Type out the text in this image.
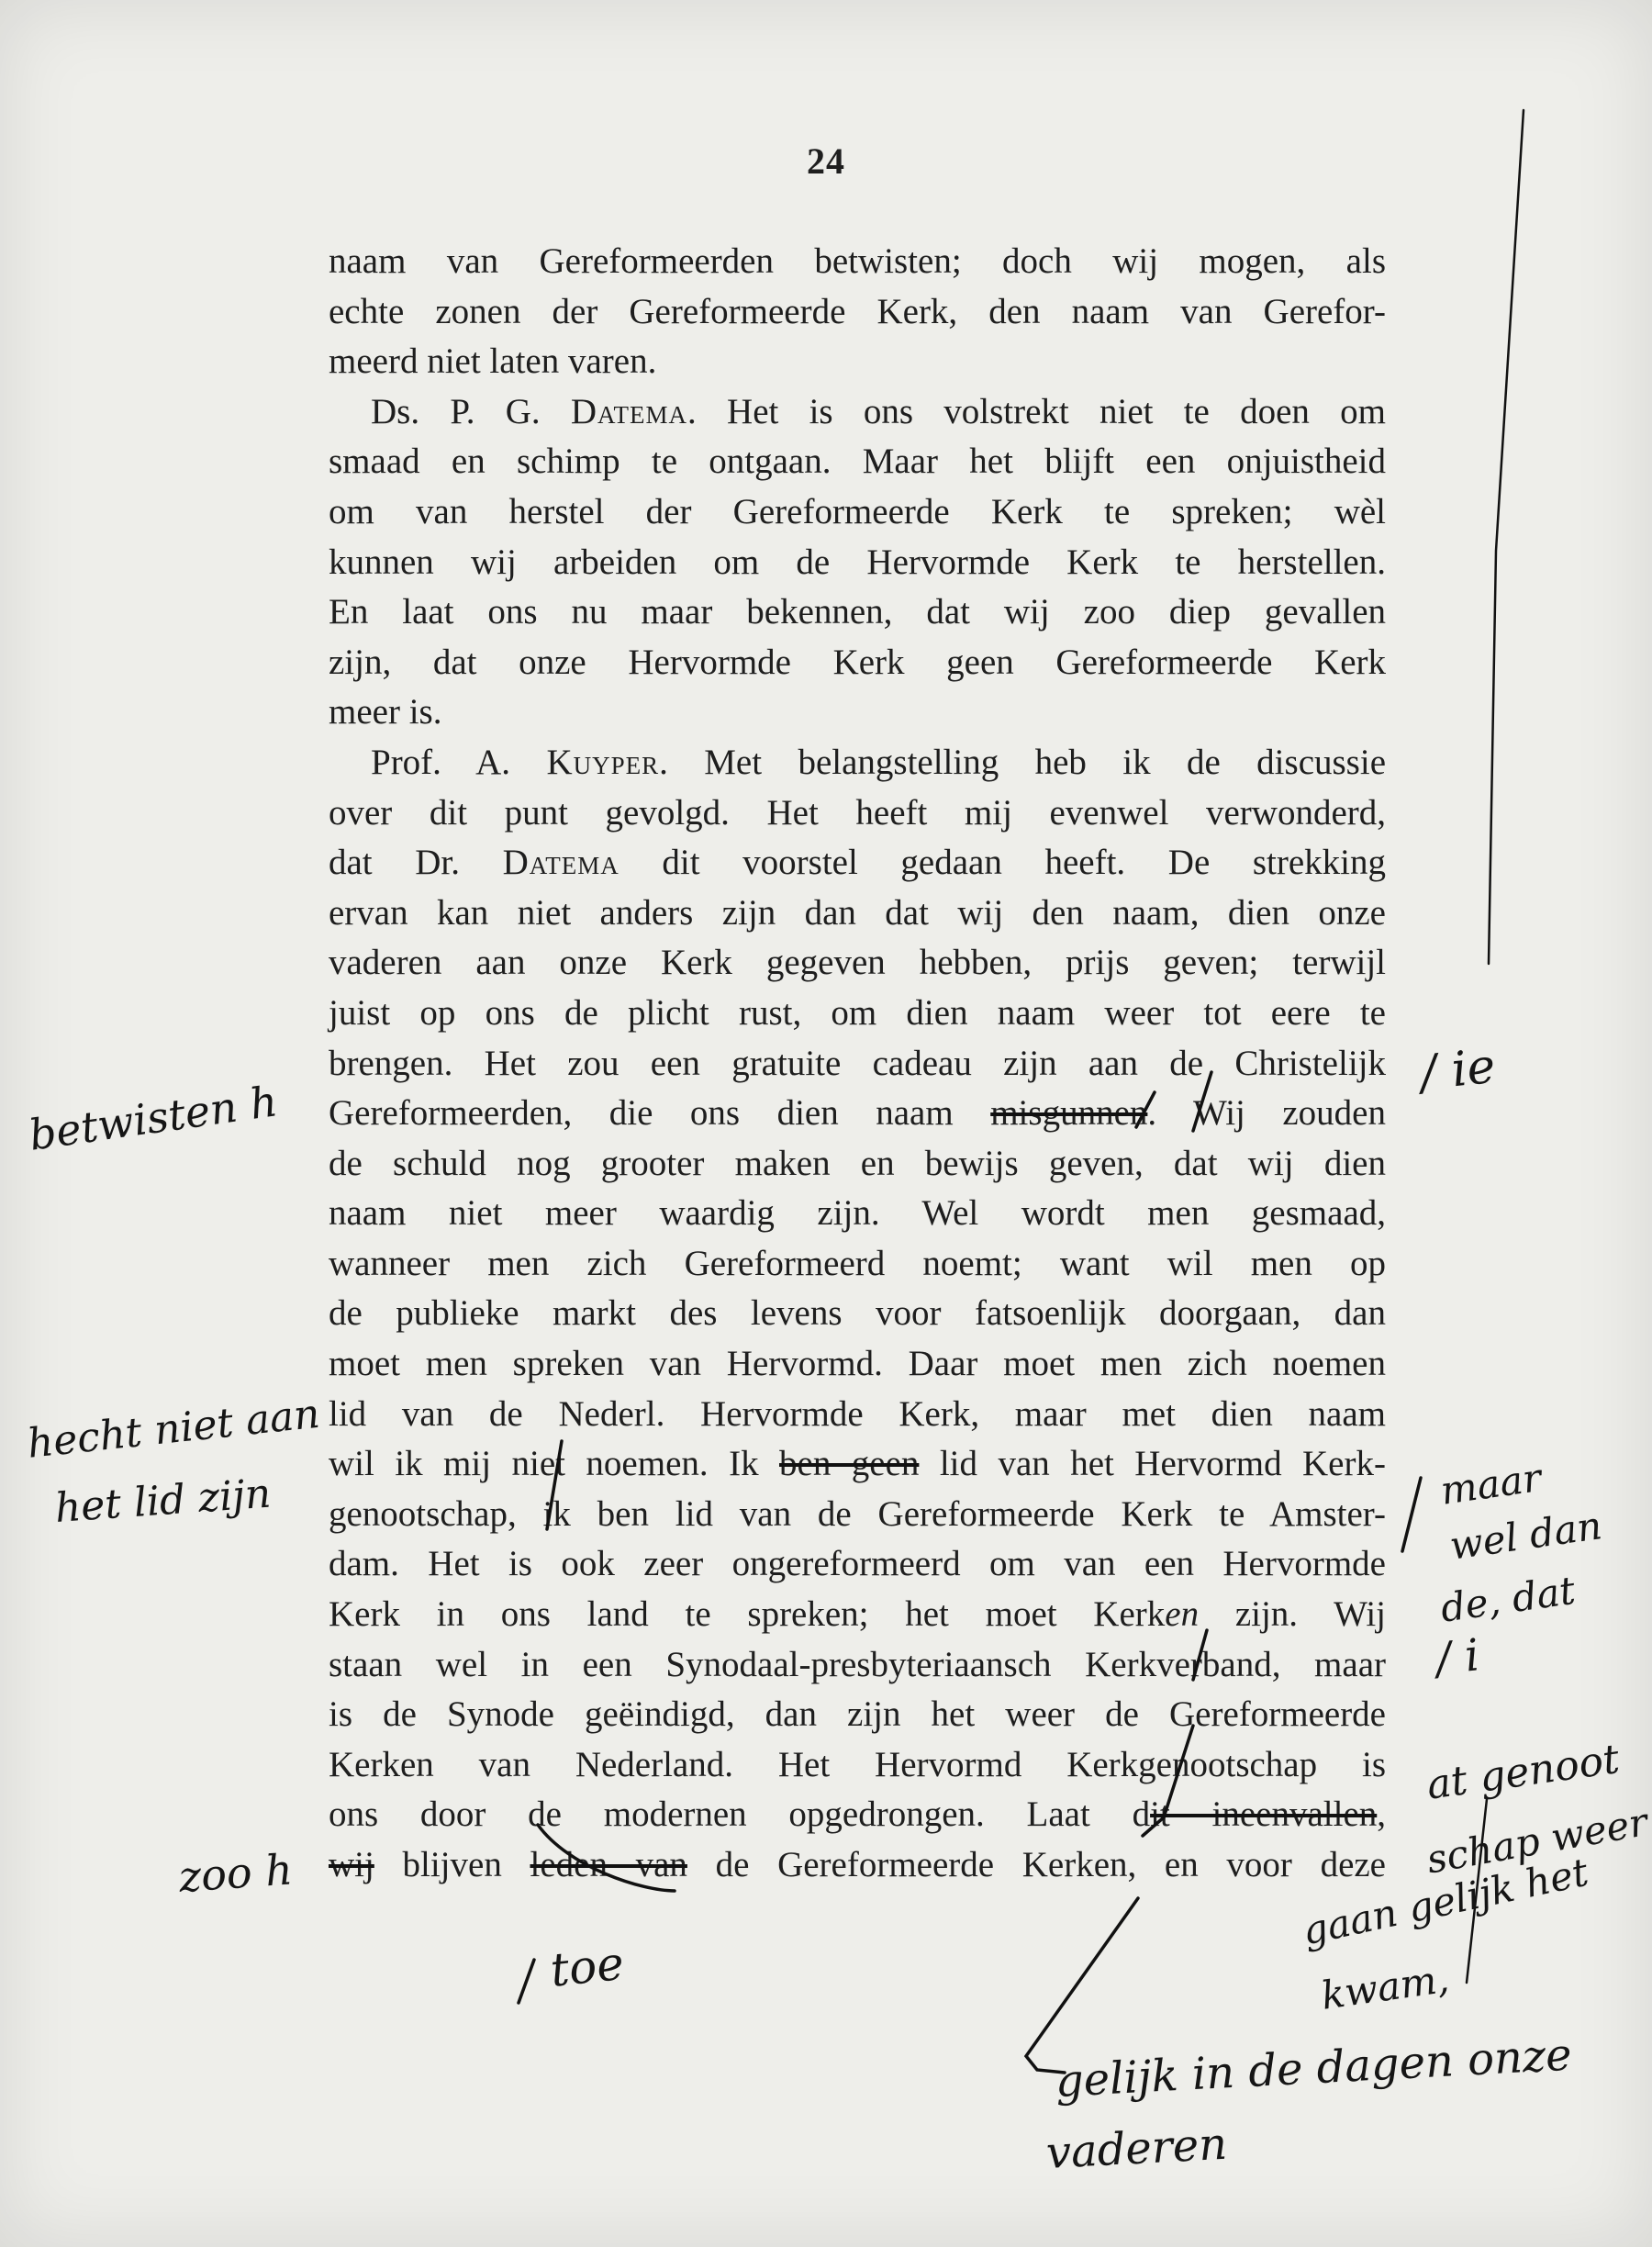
24
naam van Gereformeerden betwisten; doch wij mogen, als
echte zonen der Gereformeerde Kerk, den naam van Gerefor-
meerd niet laten varen.
Ds. P. G. Datema. Het is ons volstrekt niet te doen om
smaad en schimp te ontgaan. Maar het blijft een onjuistheid
om van herstel der Gereformeerde Kerk te spreken; wèl
kunnen wij arbeiden om de Hervormde Kerk te herstellen.
En laat ons nu maar bekennen, dat wij zoo diep gevallen
zijn, dat onze Hervormde Kerk geen Gereformeerde Kerk
meer is.
Prof. A. Kuyper. Met belangstelling heb ik de discussie
over dit punt gevolgd. Het heeft mij evenwel verwonderd,
dat Dr. Datema dit voorstel gedaan heeft. De strekking
ervan kan niet anders zijn dan dat wij den naam, dien onze
vaderen aan onze Kerk gegeven hebben, prijs geven; terwijl
juist op ons de plicht rust, om dien naam weer tot eere te
brengen. Het zou een gratuite cadeau zijn aan de Christelijk
Gereformeerden, die ons dien naam misgunnen. Wij zouden
de schuld nog grooter maken en bewijs geven, dat wij dien
naam niet meer waardig zijn. Wel wordt men gesmaad,
wanneer men zich Gereformeerd noemt; want wil men op
de publieke markt des levens voor fatsoenlijk doorgaan, dan
moet men spreken van Hervormd. Daar moet men zich noemen
lid van de Nederl. Hervormde Kerk, maar met dien naam
wil ik mij niet noemen. Ik ben geen lid van het Hervormd Kerk-
genootschap, ik ben lid van de Gereformeerde Kerk te Amster-
dam. Het is ook zeer ongereformeerd om van een Hervormde
Kerk in ons land te spreken; het moet Kerken zijn. Wij
staan wel in een Synodaal-presbyteriaansch Kerkverband, maar
is de Synode geëindigd, dan zijn het weer de Gereformeerde
Kerken van Nederland. Het Hervormd Kerkgenootschap is
ons door de modernen opgedrongen. Laat dit ineenvallen,
wij blijven leden van de Gereformeerde Kerken, en voor deze
betwisten h
hecht niet aan
het lid zijn
zoo h
/ ie
maar
wel dan
de, dat
/ i
at genoot
schap weer
gaan gelijk het
kwam,
toe
gelijk in de dagen onze
vaderen
